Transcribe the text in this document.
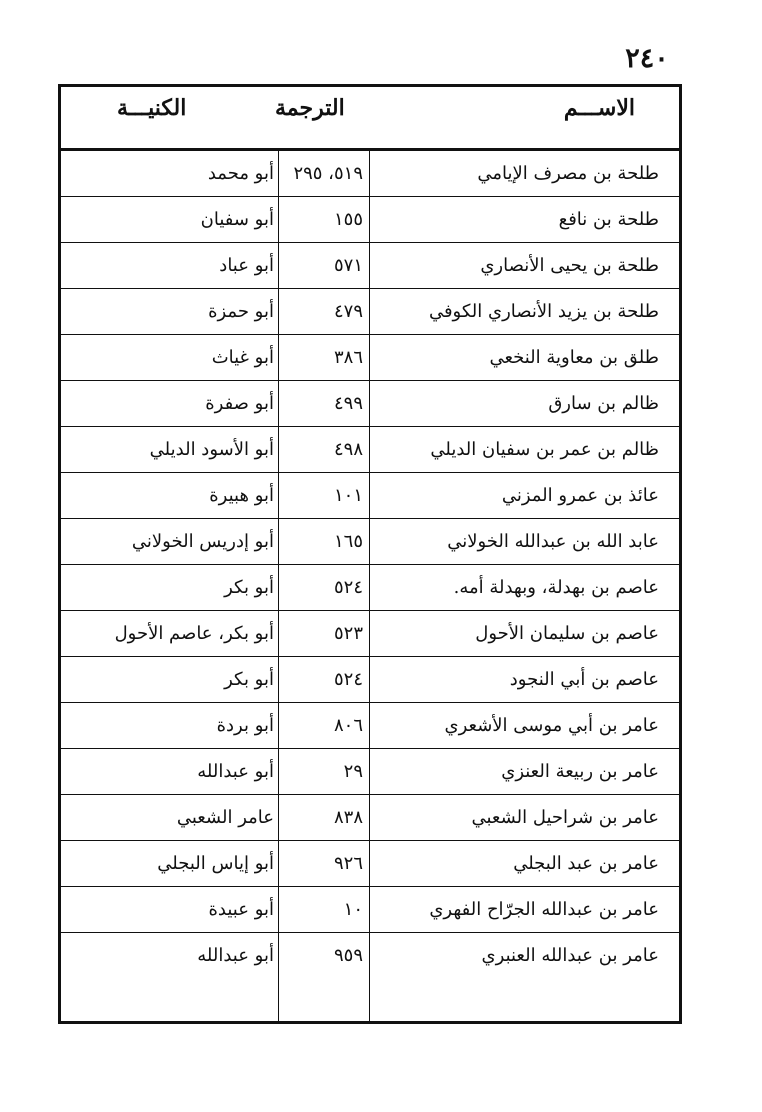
٢٤٠
الاســـم
الترجمة
الكنيـــة
طلحة بن مصرف الإيامي
٥١٩، ٢٩٥
أبو محمد
طلحة بن نافع
١٥٥
أبو سفيان
طلحة بن يحيى الأنصاري
٥٧١
أبو عباد
طلحة بن يزيد الأنصاري الكوفي
٤٧٩
أبو حمزة
طلق بن معاوية النخعي
٣٨٦
أبو غياث
ظالم بن سارق
٤٩٩
أبو صفرة
ظالم بن عمر بن سفيان الديلي
٤٩٨
أبو الأسود الديلي
عائذ بن عمرو المزني
١٠١
أبو هبيرة
عابد الله بن عبدالله الخولاني
١٦٥
أبو إدريس الخولاني
عاصم بن بهدلة، وبهدلة أمه.
٥٢٤
أبو بكر
عاصم بن سليمان الأحول
٥٢٣
أبو بكر، عاصم الأحول
عاصم بن أبي النجود
٥٢٤
أبو بكر
عامر بن أبي موسى الأشعري
٨٠٦
أبو بردة
عامر بن ربيعة العنزي
٢٩
أبو عبدالله
عامر بن شراحيل الشعبي
٨٣٨
عامر الشعبي
عامر بن عبد البجلي
٩٢٦
أبو إياس البجلي
عامر بن عبدالله الجرّاح الفهري
١٠
أبو عبيدة
عامر بن عبدالله العنبري
٩٥٩
أبو عبدالله
